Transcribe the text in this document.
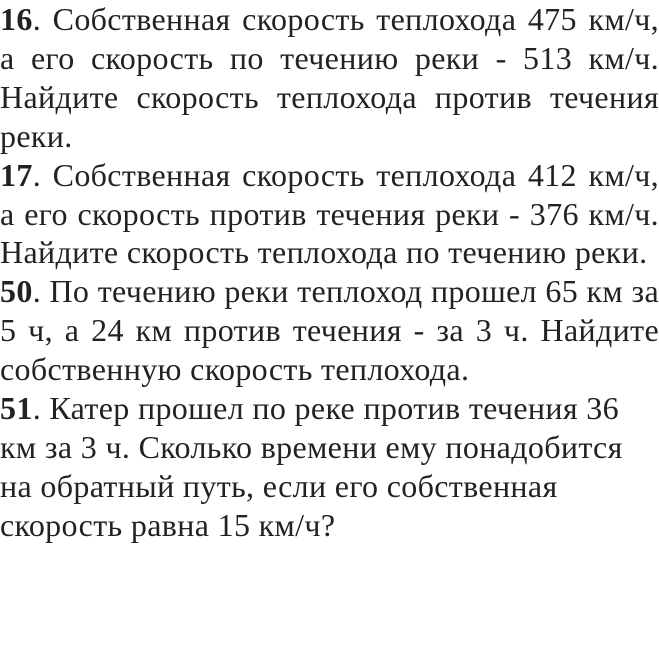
16. Собственная скорость теплохода 475 км/ч, а его скорость по течению реки - 513 км/ч. Найдите скорость теплохода против течения реки.

17. Собственная скорость теплохода 412 км/ч, а его скорость против течения реки - 376 км/ч. Найдите скорость теплохода по течению реки.

50. По течению реки теплоход прошел 65 км за 5 ч, а 24 км против течения - за 3 ч. Найдите собственную скорость теплохода.

51. Катер прошел по реке против течения 36 км за 3 ч. Сколько времени ему понадобится на обратный путь, если его собственная скорость равна 15 км/ч?
